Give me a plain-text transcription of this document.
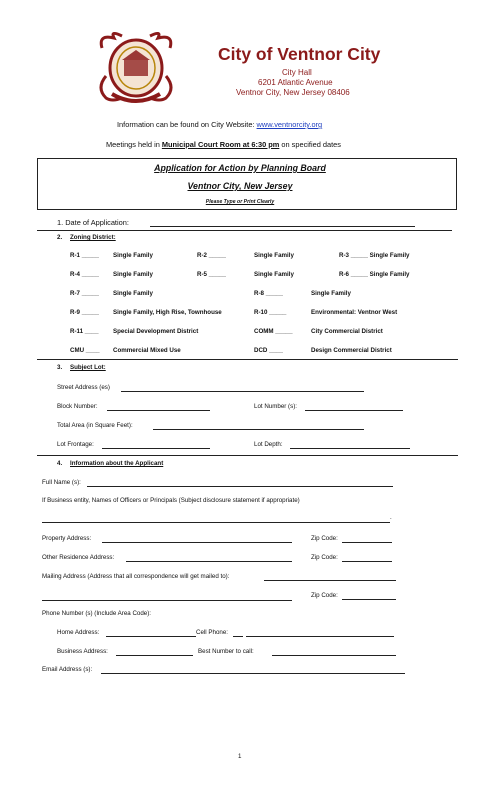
City of Ventnor City
City Hall
6201 Atlantic Avenue
Ventnor City, New Jersey 08406
Information can be found on City Website: www.ventnorcity.org
Meetings held in Municipal Court Room at 6:30 pm on specified dates
Application for Action by Planning Board
Ventnor City, New Jersey
Please Type or Print Clearly
1. Date of Application:
2. Zoning District:
R-1 _____ Single Family	R-2 _____	Single Family	R-3 _____ Single Family
R-4 _____ Single Family	R-5 _____	Single Family	R-6 _____ Single Family
R-7 _____ Single Family	R-8 _____	Single Family
R-9 _____ Single Family, High Rise, Townhouse	R-10 _____	Environmental: Ventnor West
R-11 ____ Special Development District	COMM _____	City Commercial District
CMU ____ Commercial Mixed Use	DCD ____	Design Commercial District
3. Subject Lot:
Street Address (es)
Block Number:	Lot Number (s):
Total Area (in Square Feet):
Lot Frontage:	Lot Depth:
4. Information about the Applicant
Full Name (s):
If Business entity, Names of Officers or Principals (Subject disclosure statement if appropriate)
.
Property Address:	Zip Code:
Other Residence Address:	Zip Code:
Mailing Address (Address that all correspondence will get mailed to):
Zip Code:
Phone Number (s) (Include Area Code):
Home Address:	Cell Phone:
Business Address:	Best Number to call:
Email Address (s):
1
